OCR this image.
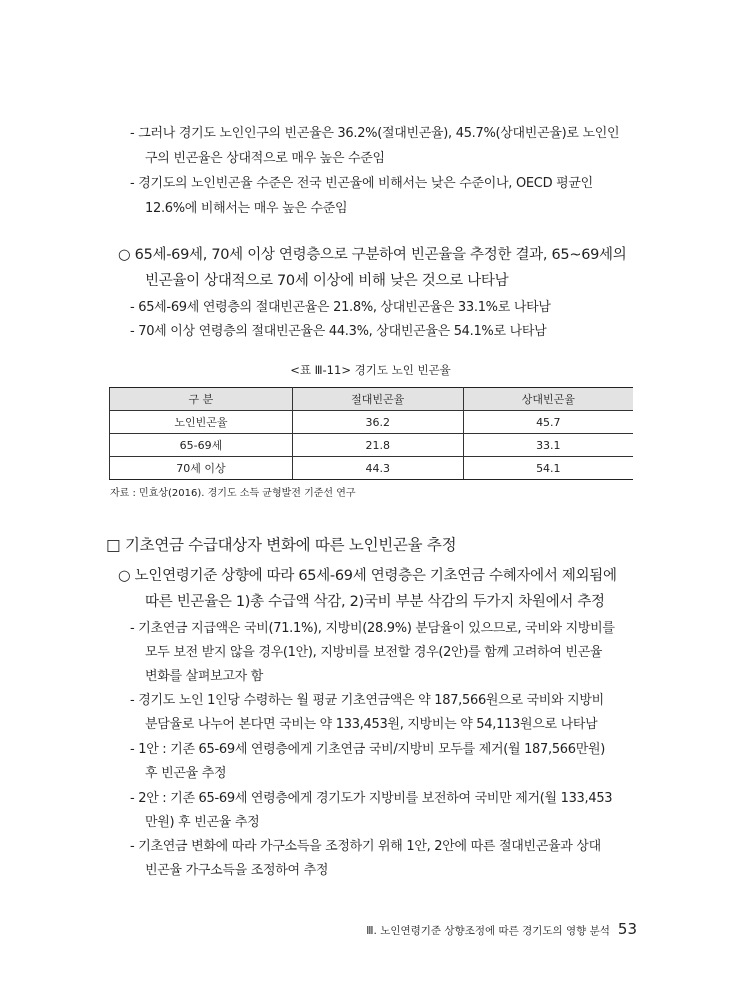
- 그러나 경기도 노인인구의 빈곤율은 36.2%(절대빈곤율), 45.7%(상대빈곤율)로 노인인
구의 빈곤율은 상대적으로 매우 높은 수준임
- 경기도의 노인빈곤율 수준은 전국 빈곤율에 비해서는 낮은 수준이나, OECD 평균인
12.6%에 비해서는 매우 높은 수준임
○ 65세-69세, 70세 이상 연령층으로 구분하여 빈곤율을 추정한 결과, 65~69세의
빈곤율이 상대적으로 70세 이상에 비해 낮은 것으로 나타남
- 65세-69세 연령층의 절대빈곤율은 21.8%, 상대빈곤율은 33.1%로 나타남
- 70세 이상 연령층의 절대빈곤율은 44.3%, 상대빈곤율은 54.1%로 나타남
<표 Ⅲ-11> 경기도 노인 빈곤율
구 분	절대빈곤율	상대빈곤율
노인빈곤율	36.2	45.7
65-69세	21.8	33.1
70세 이상	44.3	54.1
자료 : 민효상(2016). 경기도 소득 균형발전 기준선 연구
□ 기초연금 수급대상자 변화에 따른 노인빈곤율 추정
○ 노인연령기준 상향에 따라 65세-69세 연령층은 기초연금 수혜자에서 제외됨에
따른 빈곤율은 1)총 수급액 삭감, 2)국비 부분 삭감의 두가지 차원에서 추정
- 기초연금 지급액은 국비(71.1%), 지방비(28.9%) 분담율이 있으므로, 국비와 지방비를
모두 보전 받지 않을 경우(1안), 지방비를 보전할 경우(2안)를 함께 고려하여 빈곤율
변화를 살펴보고자 함
- 경기도 노인 1인당 수령하는 월 평균 기초연금액은 약 187,566원으로 국비와 지방비
분담율로 나누어 본다면 국비는 약 133,453원, 지방비는 약 54,113원으로 나타남
- 1안 : 기존 65-69세 연령층에게 기초연금 국비/지방비 모두를 제거(월 187,566만원)
후 빈곤율 추정
- 2안 : 기존 65-69세 연령층에게 경기도가 지방비를 보전하여 국비만 제거(월 133,453
만원) 후 빈곤율 추정
- 기초연금 변화에 따라 가구소득을 조정하기 위해 1안, 2안에 따른 절대빈곤율과 상대
빈곤율 가구소득을 조정하여 추정
Ⅲ. 노인연령기준 상향조정에 따른 경기도의 영향 분석 53
